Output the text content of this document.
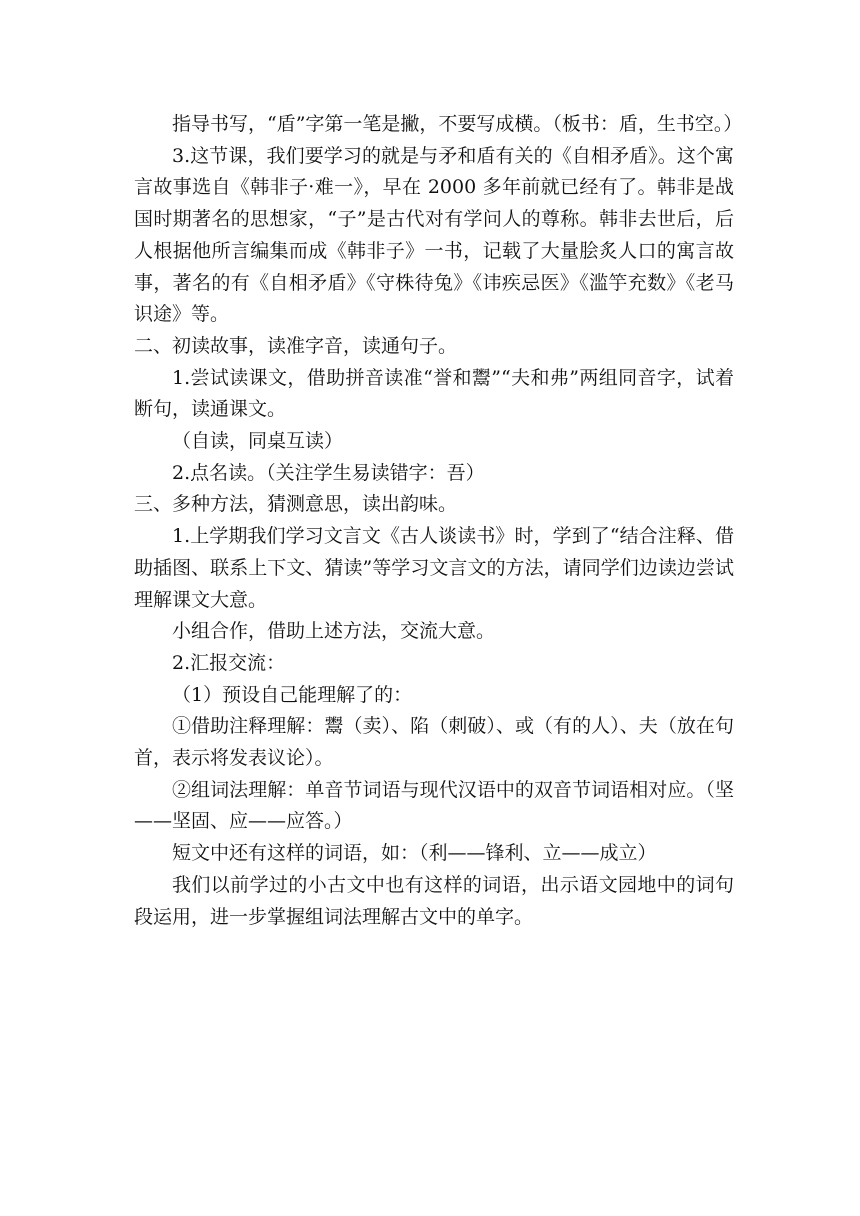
指导书写，“盾”字第一笔是撇，不要写成横。（板书：盾，生书空。）

3.这节课，我们要学习的就是与矛和盾有关的《自相矛盾》。这个寓言故事选自《韩非子·难一》，早在 2000 多年前就已经有了。韩非是战国时期著名的思想家，“子”是古代对有学问人的尊称。韩非去世后，后人根据他所言编集而成《韩非子》一书，记载了大量脍炙人口的寓言故事，著名的有《自相矛盾》《守株待兔》《讳疾忌医》《滥竽充数》《老马识途》等。

二、初读故事，读准字音，读通句子。

1.尝试读课文，借助拼音读准“誉和鬻”“夫和弗”两组同音字，试着断句，读通课文。

（自读，同桌互读）

2.点名读。（关注学生易读错字：吾）

三、多种方法，猜测意思，读出韵味。

1.上学期我们学习文言文《古人谈读书》时，学到了“结合注释、借助插图、联系上下文、猜读”等学习文言文的方法，请同学们边读边尝试理解课文大意。

小组合作，借助上述方法，交流大意。

2.汇报交流：

（1）预设自己能理解了的：

①借助注释理解：鬻（卖）、陷（刺破）、或（有的人）、夫（放在句首，表示将发表议论）。

②组词法理解：单音节词语与现代汉语中的双音节词语相对应。（坚——坚固、应——应答。）

短文中还有这样的词语，如：（利——锋利、立——成立）

我们以前学过的小古文中也有这样的词语，出示语文园地中的词句段运用，进一步掌握组词法理解古文中的单字。
